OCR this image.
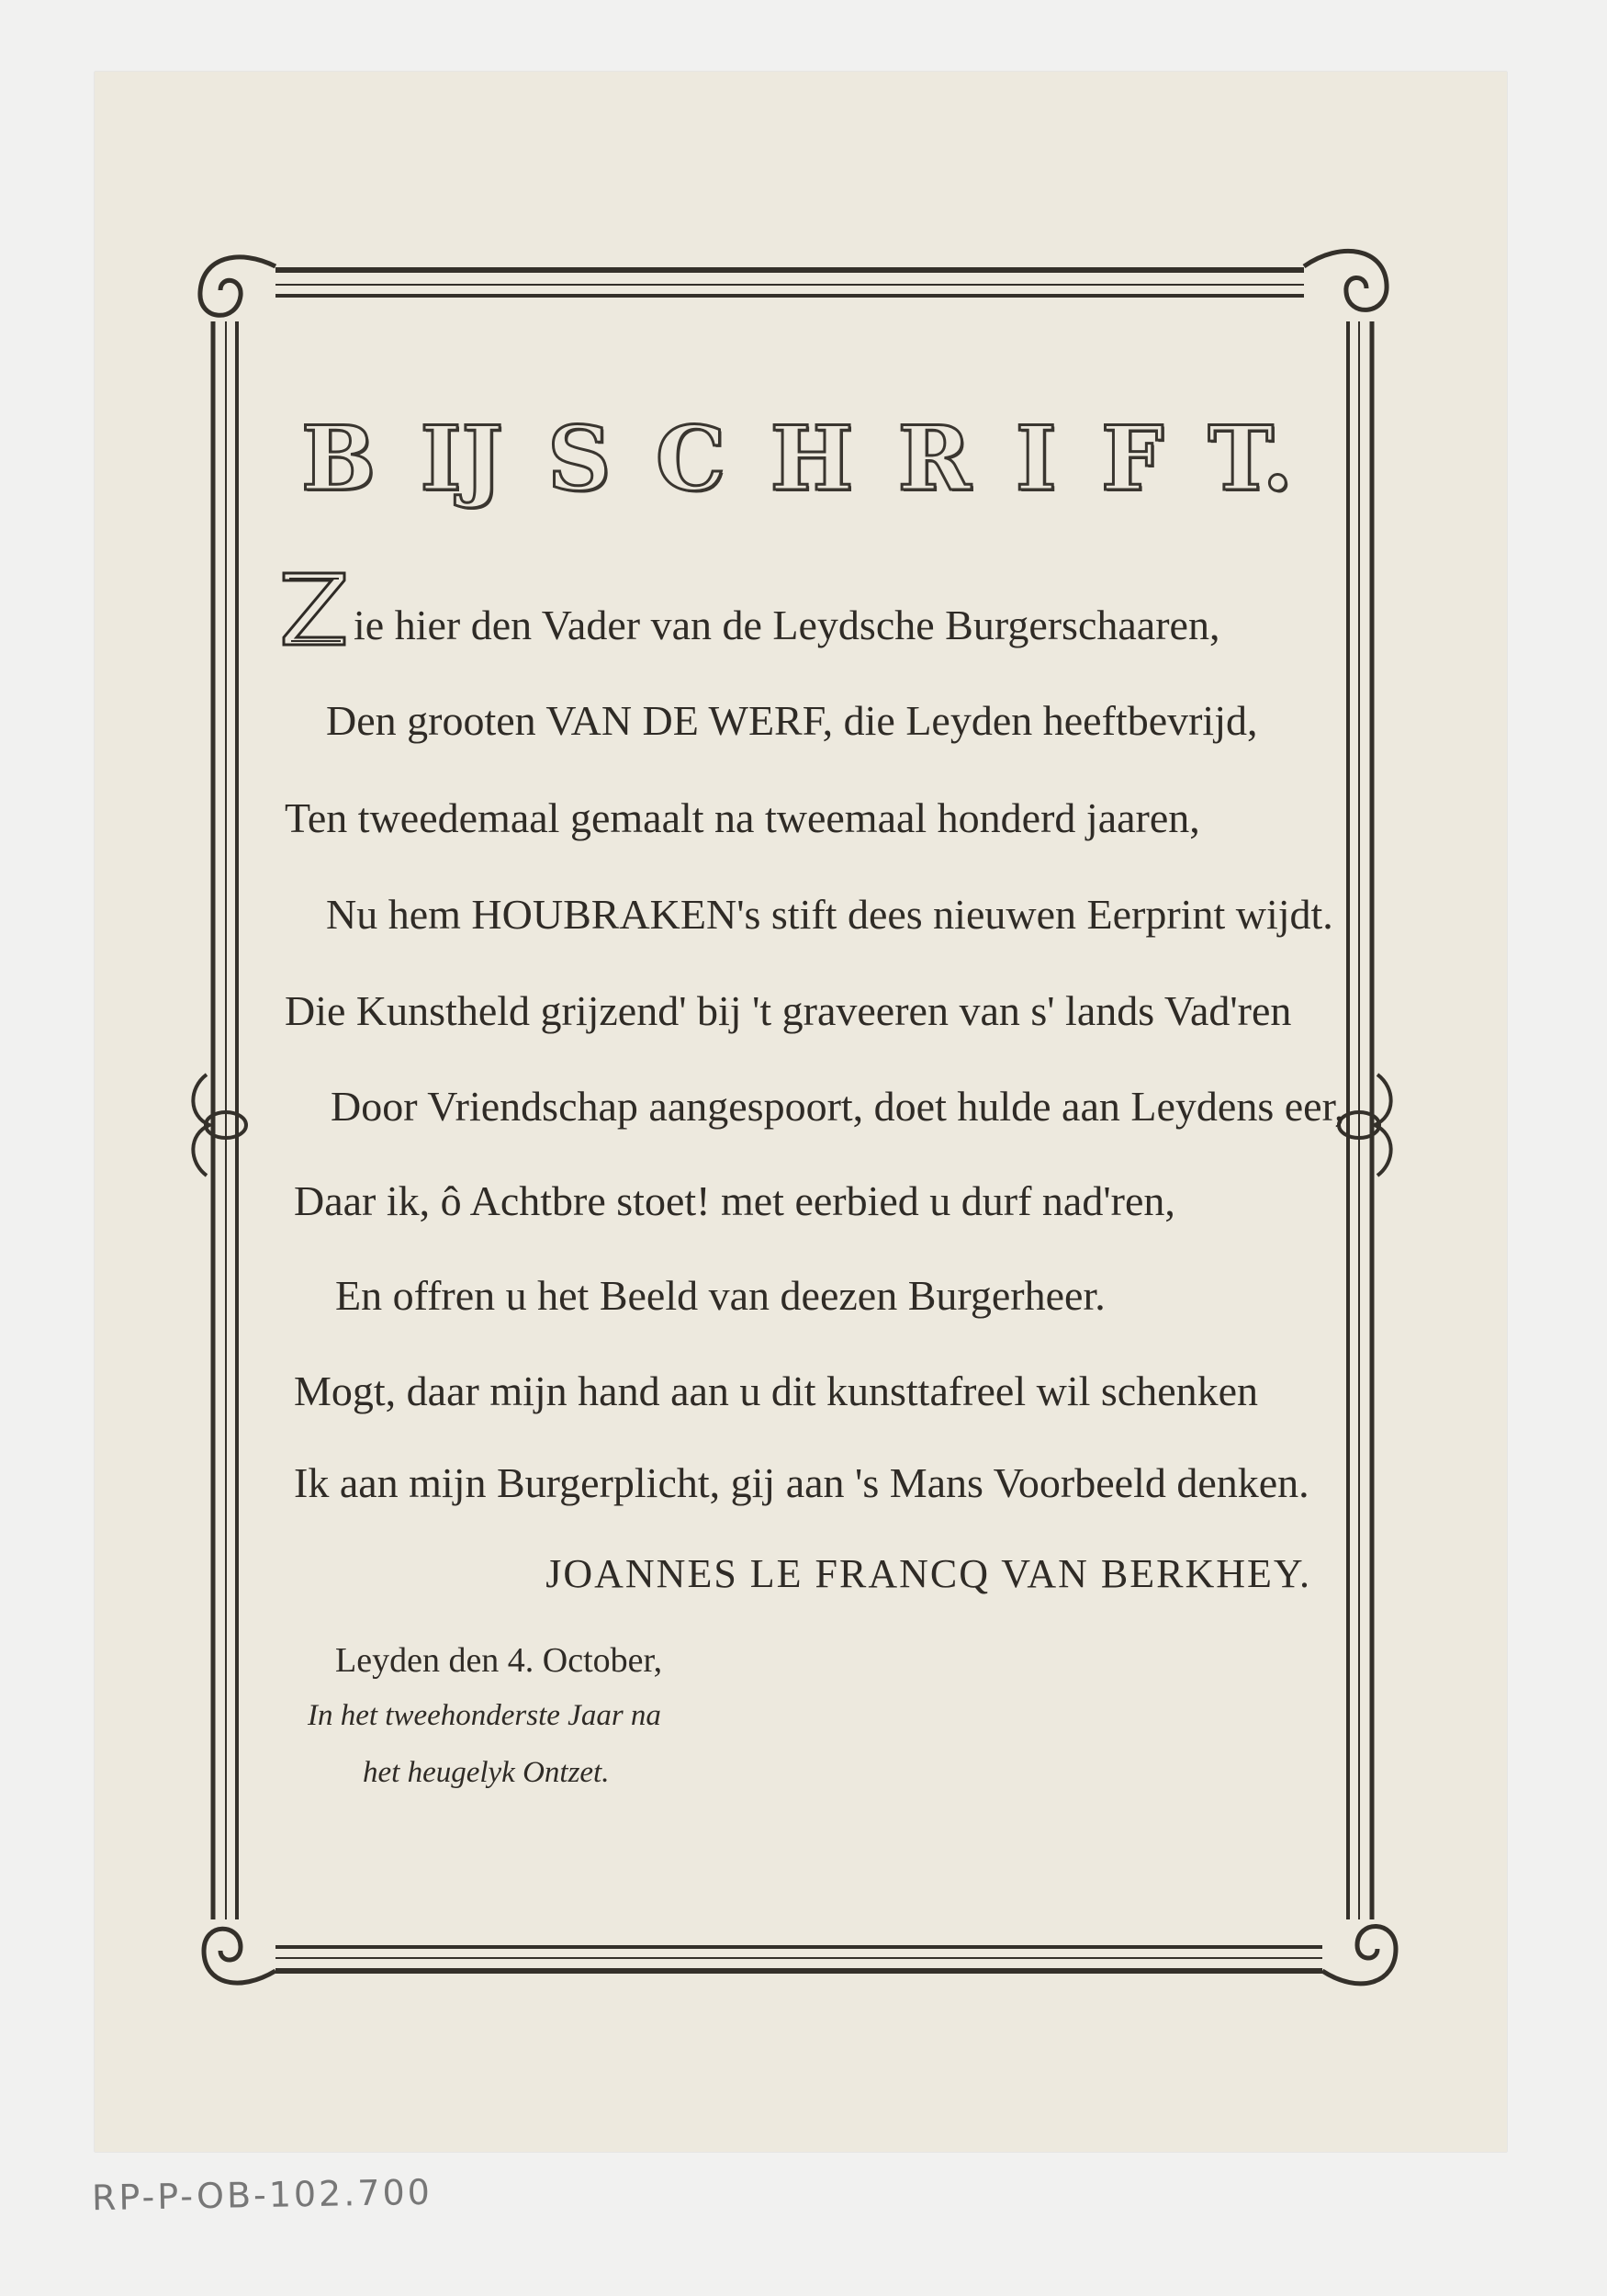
B IJ S C H R I F T.
ie hier den Vader van de Leydsche Burgerschaaren,
Den grooten VAN DE WERF, die Leyden heeftbevrijd,
Ten tweedemaal gemaalt na tweemaal honderd jaaren,
Nu hem HOUBRAKEN's stift dees nieuwen Eerprint wijdt.
Die Kunstheld grijzend' bij 't graveeren van s' lands Vad'ren
Door Vriendschap aangespoort, doet hulde aan Leydens eer,
Daar ik, ô Achtbre stoet! met eerbied u durf nad'ren,
En offren u het Beeld van deezen Burgerheer.
Mogt, daar mijn hand aan u dit kunsttafreel wil schenken
Ik aan mijn Burgerplicht, gij aan 's Mans Voorbeeld denken.
JOANNES LE FRANCQ VAN BERKHEY.
Leyden den 4. October,
In het tweehonderste Jaar na
het heugelyk Ontzet.
RP-P-OB-102.700
